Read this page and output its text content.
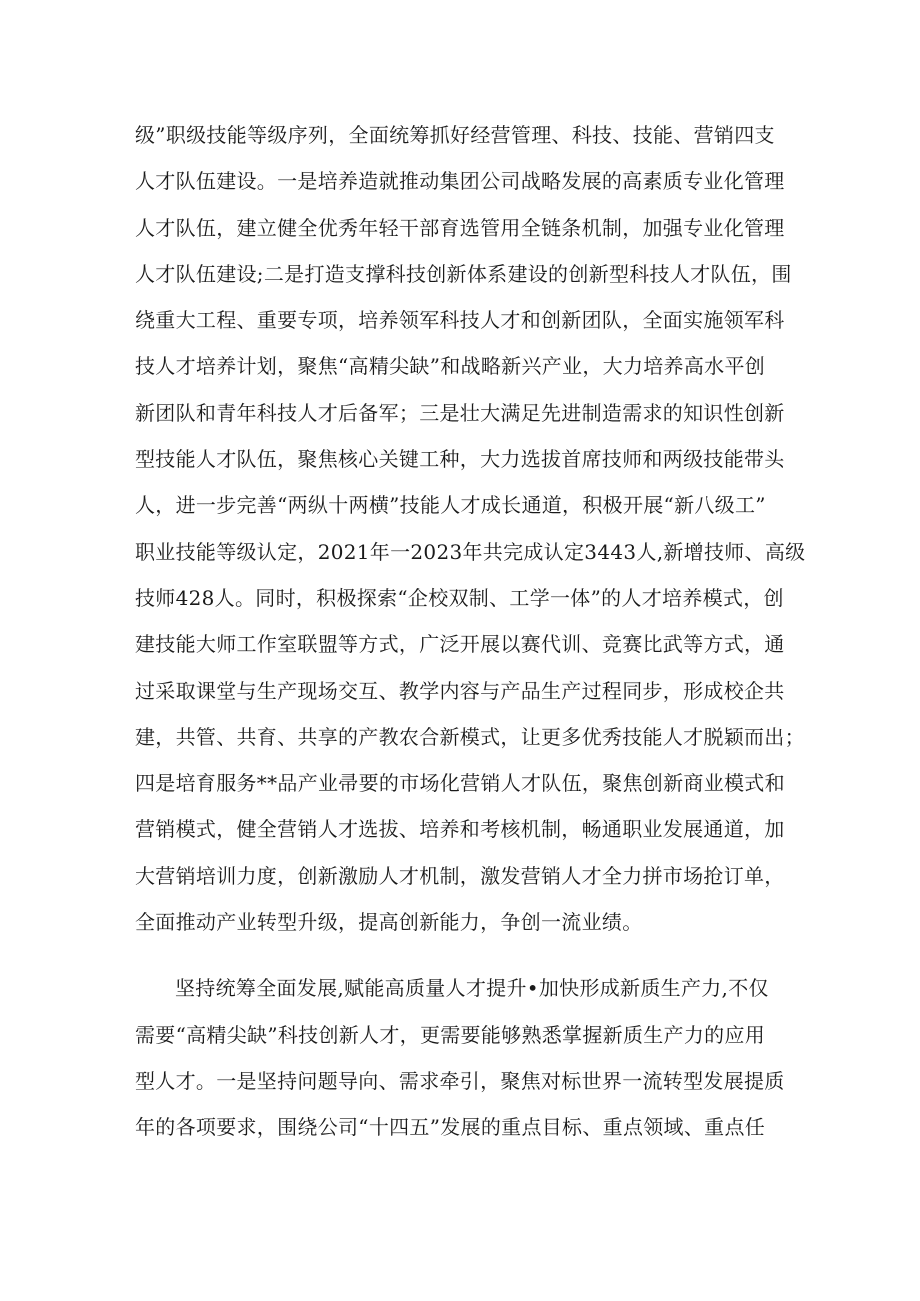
级”职级技能等级序列，全面统筹抓好经营管理、科技、技能、营销四支
人才队伍建设。一是培养造就推动集团公司战略发展的高素质专业化管理
人才队伍，建立健全优秀年轻干部育选管用全链条机制，加强专业化管理
人才队伍建设;二是打造支撑科技创新体系建设的创新型科技人才队伍，围
绕重大工程、重要专项，培养领军科技人才和创新团队，全面实施领军科
技人才培养计划，聚焦“高精尖缺”和战略新兴产业，大力培养高水平创
新团队和青年科技人才后备军；三是壮大满足先进制造需求的知识性创新
型技能人才队伍，聚焦核心关键工种，大力选拔首席技师和两级技能带头
人，进一步完善“两纵十两横”技能人才成长通道，积极开展“新八级工”
职业技能等级认定，2021年一2023年共完成认定3443人,新增技师、高级
技师428人。同时，积极探索“企校双制、工学一体”的人才培养模式，创
建技能大师工作室联盟等方式，广泛开展以赛代训、竞赛比武等方式，通
过采取课堂与生产现场交互、教学内容与产品生产过程同步，形成校企共
建，共管、共育、共享的产教农合新模式，让更多优秀技能人才脱颖而出；
四是培育服务**品产业帚要的市场化营销人才队伍，聚焦创新商业模式和
营销模式，健全营销人才选拔、培养和考核机制，畅通职业发展通道，加
大营销培训力度，创新激励人才机制，激发营销人才全力拼市场抢订单，
全面推动产业转型升级，提高创新能力，争创一流业绩。
坚持统筹全面发展,赋能高质量人才提升•加快形成新质生产力,不仅
需要“高精尖缺”科技创新人才，更需要能够熟悉掌握新质生产力的应用
型人才。一是坚持问题导向、需求牵引，聚焦对标世界一流转型发展提质
年的各项要求，围绕公司“十四五”发展的重点目标、重点领域、重点任
